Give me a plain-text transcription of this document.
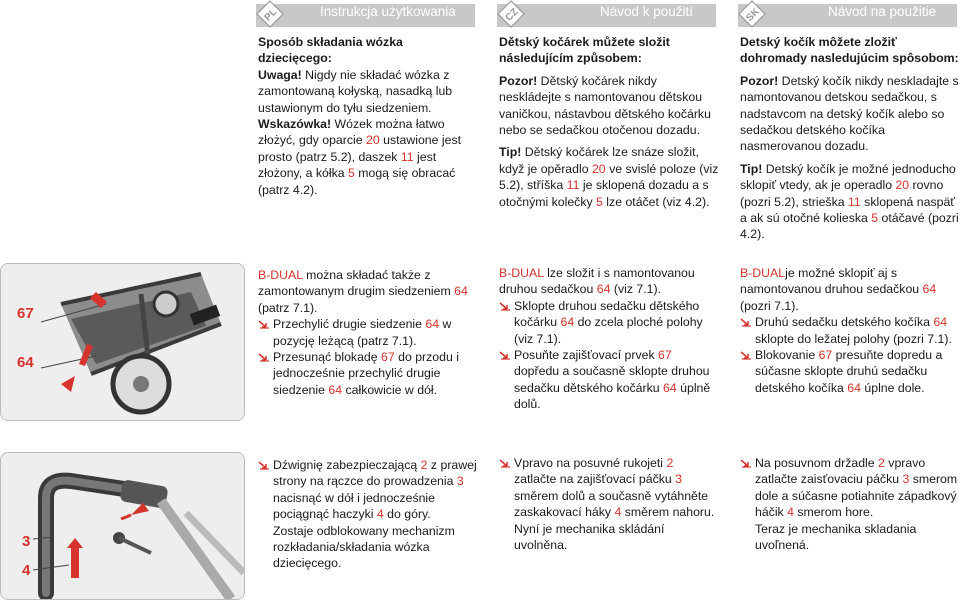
PL	Instrukcja użytkowania	CZ	Návod k použití	SK	Návod na použitie

Sposób składania wózka dziecięcego:

Uwaga! Nigdy nie składać wózka z zamontowaną kołyską, nasadką lub ustawionym do tyłu siedzeniem.

Wskazówka! Wózek można łatwo złożyć, gdy oparcie 20 ustawione jest prosto (patrz 5.2), daszek 11 jest złożony, a kółka 5 mogą się obracać (patrz 4.2).

Dětský kočárek můžete složit následujícím způsobem:

Pozor! Dětský kočárek nikdy neskládejte s namontovanou dětskou vaničkou, nástavbou dětského kočárku nebo se sedačkou otočenou dozadu.

Tip! Dětský kočárek lze snáze složit, když je opěradlo 20 ve svislé poloze (viz 5.2), stříška 11 je sklopená dozadu a s otočnými kolečky 5 lze otáčet (viz 4.2).

Detský kočík môžete zložiť dohromady nasledujúcim spôsobom:

Pozor! Detský kočík nikdy neskladajte s namontovanou detskou sedačkou, s nadstavcom na detský kočík alebo so sedačkou detského kočíka nasmerovanou dozadu.

Tip! Detský kočík je možné jednoducho sklopiť vtedy, ak je operadlo 20 rovno (pozri 5.2), strieška 11 sklopená naspäť a ak sú otočné kolieska 5 otáčavé (pozri 4.2).

67
64

B-DUAL można składać także z zamontowanym drugim siedzeniem 64 (patrz 7.1).

Przechylić drugie siedzenie 64 w pozycję leżącą (patrz 7.1).

Przesunąć blokadę 67 do przodu i jednocześnie przechylić drugie siedzenie 64 całkowicie w dół.

B-DUAL lze složit i s namontovanou druhou sedačkou 64 (viz 7.1).

Sklopte druhou sedačku dětského kočárku 64 do zcela ploché polohy (viz 7.1).

Posuňte zajišťovací prvek 67 dopředu a současně sklopte druhou sedačku dětského kočárku 64 úplně dolů.

B-DUALje možné sklopiť aj s namontovanou druhou sedačkou 64 (pozri 7.1).

Druhú sedačku detského kočíka 64 sklopte do ležatej polohy (pozri 7.1).

Blokovanie 67 presuňte dopredu a súčasne sklopte druhú sedačku detského kočíka 64 úplne dole.

3
4

Dźwignię zabezpieczającą 2 z prawej strony na rączce do prowadzenia 3 nacisnąć w dół i jednocześnie pociągnąć haczyki 4 do góry.

Zostaje odblokowany mechanizm rozkładania/składania wózka dziecięcego.

Vpravo na posuvné rukojeti 2 zatlačte na zajišťovací páčku 3 směrem dolů a současně vytáhněte zaskakovací háky 4 směrem nahoru.

Nyní je mechanika skládání uvolněna.

Na posuvnom držadle 2 vpravo zatlačte zaisťovaciu páčku 3 smerom dole a súčasne potiahnite západkový háčik 4 smerom hore.

Teraz je mechanika skladania uvoľnená.
